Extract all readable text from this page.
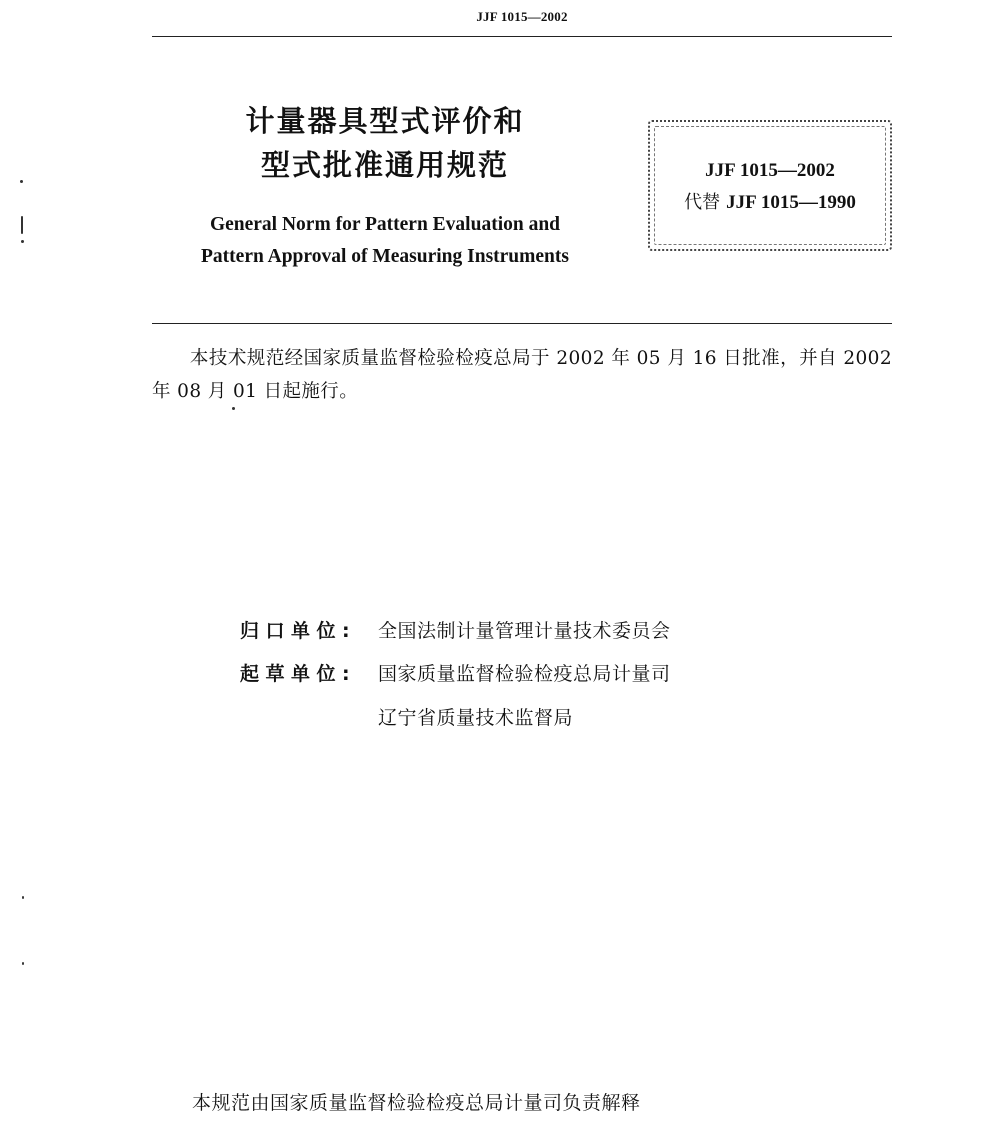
JJF 1015—2002
计量器具型式评价和
型式批准通用规范
General Norm for Pattern Evaluation and
Pattern Approval of Measuring Instruments
JJF 1015—2002
代替 JJF 1015—1990
本技术规范经国家质量监督检验检疫总局于 2002 年 05 月 16 日批准，并自 2002 年 08 月 01 日起施行。
归口单位: 全国法制计量管理计量技术委员会
起草单位: 国家质量监督检验检疫总局计量司
辽宁省质量技术监督局
本规范由国家质量监督检验检疫总局计量司负责解释
